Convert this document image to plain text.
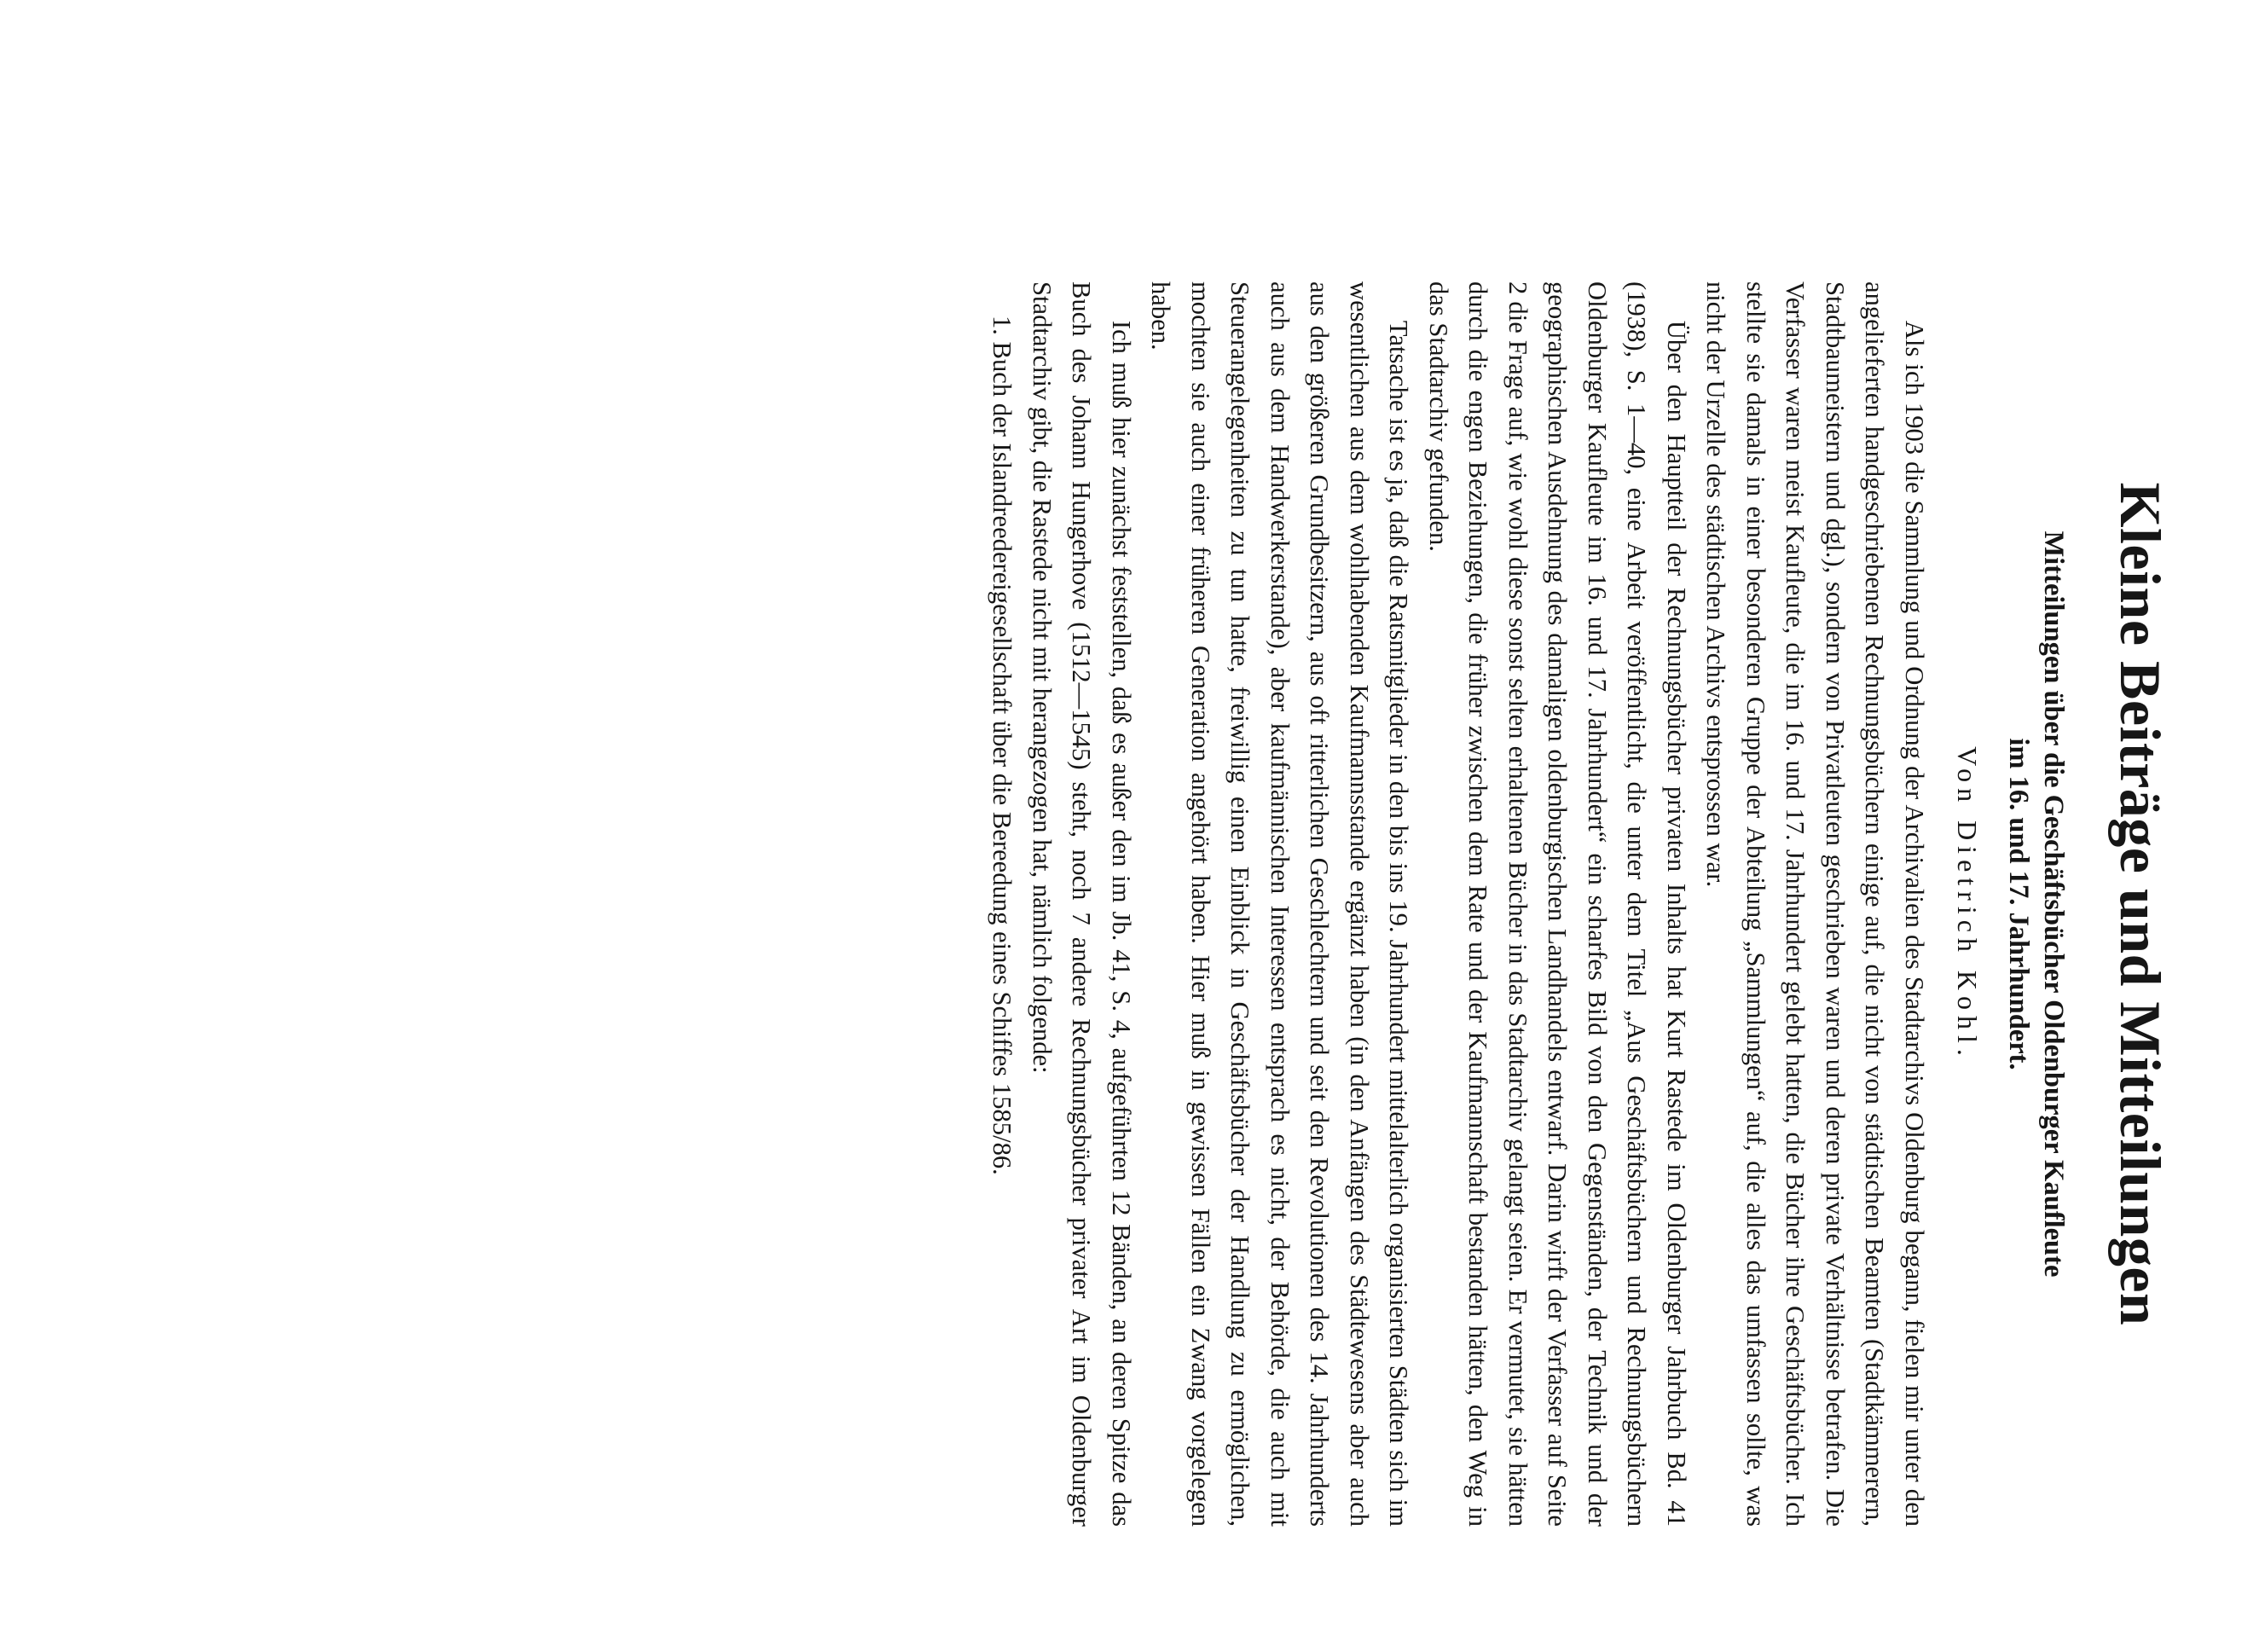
Kleine Beiträge und Mitteilungen

Mitteilungen über die Geschäftsbücher Oldenburger Kaufleute

im 16. und 17. Jahrhundert.

Von Dietrich Kohl.

Als ich 1903 die Sammlung und Ordnung der Archivalien des Stadtarchivs Oldenburg begann, fielen mir unter den angelieferten handgeschriebenen Rechnungsbüchern einige auf, die nicht von städtischen Beamten (Stadtkämmerern, Stadtbaumeistern und dgl.), sondern von Privatleuten geschrieben waren und deren private Verhältnisse betrafen. Die Verfasser waren meist Kaufleute, die im 16. und 17. Jahrhundert gelebt hatten, die Bücher ihre Geschäftsbücher. Ich stellte sie damals in einer besonderen Gruppe der Abteilung „Sammlungen“ auf, die alles das umfassen sollte, was nicht der Urzelle des städtischen Archivs entsprossen war.

Über den Hauptteil der Rechnungsbücher privaten Inhalts hat Kurt Rastede im Oldenburger Jahrbuch Bd. 41 (1938), S. 1—40, eine Arbeit veröffentlicht, die unter dem Titel „Aus Geschäftsbüchern und Rechnungsbüchern Oldenburger Kaufleute im 16. und 17. Jahrhundert“ ein scharfes Bild von den Gegenständen, der Technik und der geographischen Ausdehnung des damaligen oldenburgischen Landhandels entwarf. Darin wirft der Verfasser auf Seite 2 die Frage auf, wie wohl diese sonst selten erhaltenen Bücher in das Stadtarchiv gelangt seien. Er vermutet, sie hätten durch die engen Beziehungen, die früher zwischen dem Rate und der Kaufmannschaft bestanden hätten, den Weg in das Stadtarchiv gefunden.

Tatsache ist es ja, daß die Ratsmitglieder in den bis ins 19. Jahrhundert mittelalterlich organisierten Städten sich im wesentlichen aus dem wohlhabenden Kaufmannsstande ergänzt haben (in den Anfängen des Städtewesens aber auch aus den größeren Grundbesitzern, aus oft ritterlichen Geschlechtern und seit den Revolutionen des 14. Jahrhunderts auch aus dem Handwerkerstande), aber kaufmännischen Interessen entsprach es nicht, der Behörde, die auch mit Steuerangelegenheiten zu tun hatte, freiwillig einen Einblick in Geschäftsbücher der Handlung zu ermöglichen, mochten sie auch einer früheren Generation angehört haben. Hier muß in gewissen Fällen ein Zwang vorgelegen haben.

Ich muß hier zunächst feststellen, daß es außer den im Jb. 41, S. 4, aufgeführten 12 Bänden, an deren Spitze das Buch des Johann Hungerhove (1512—1545) steht, noch 7 andere Rechnungsbücher privater Art im Oldenburger Stadtarchiv gibt, die Rastede nicht mit herangezogen hat, nämlich folgende:

1. Buch der Islandreedereigesellschaft über die Bereedung eines Schiffes 1585/86.
